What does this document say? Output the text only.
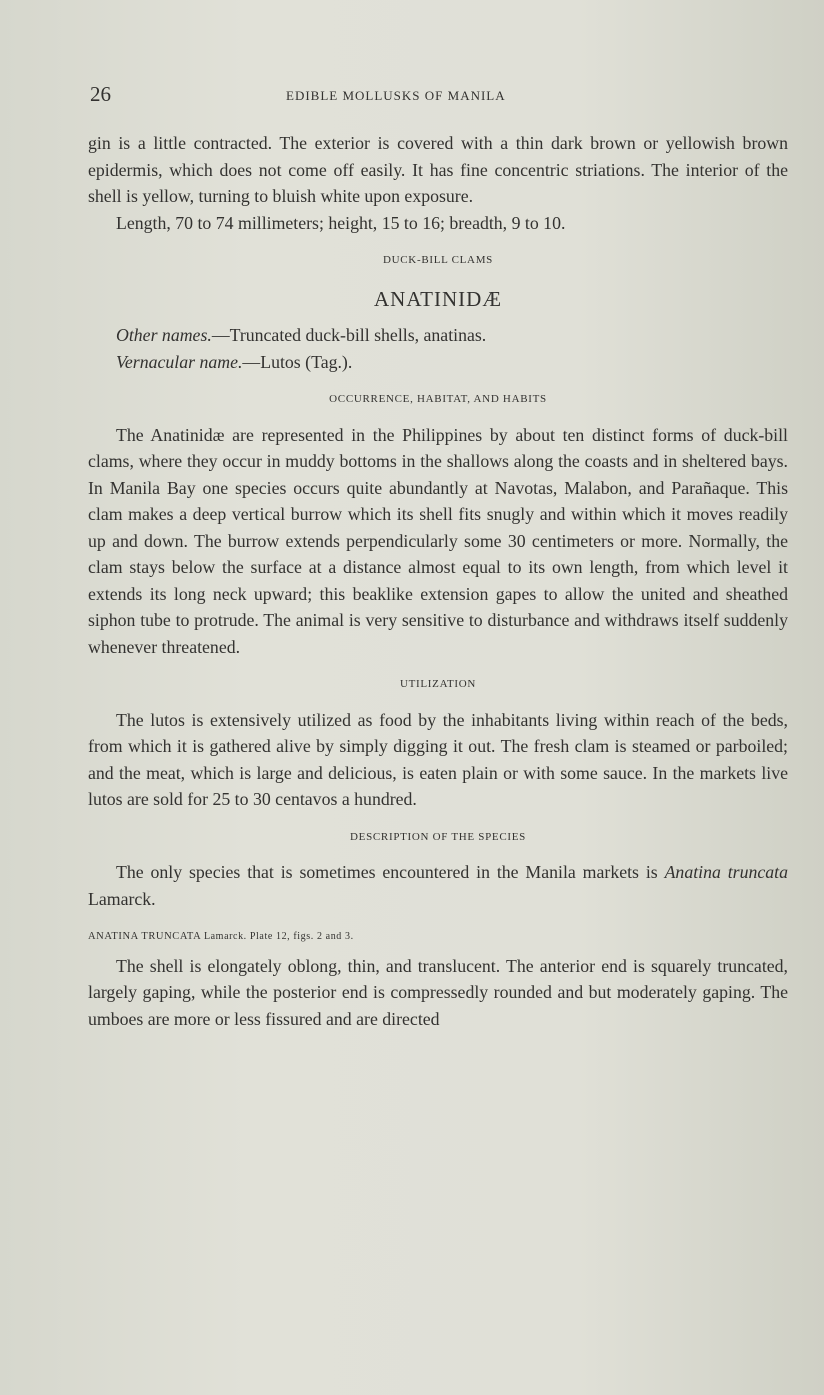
26	EDIBLE MOLLUSKS OF MANILA

gin is a little contracted. The exterior is covered with a thin dark brown or yellowish brown epidermis, which does not come off easily. It has fine concentric striations. The interior of the shell is yellow, turning to bluish white upon exposure.

Length, 70 to 74 millimeters; height, 15 to 16; breadth, 9 to 10.

DUCK-BILL CLAMS
ANATINIDÆ

Other names.—Truncated duck-bill shells, anatinas.

Vernacular name.—Lutos (Tag.).

OCCURRENCE, HABITAT, AND HABITS

The Anatinidæ are represented in the Philippines by about ten distinct forms of duck-bill clams, where they occur in muddy bottoms in the shallows along the coasts and in sheltered bays. In Manila Bay one species occurs quite abundantly at Navotas, Malabon, and Parañaque. This clam makes a deep vertical burrow which its shell fits snugly and within which it moves readily up and down. The burrow extends perpendicularly some 30 centimeters or more. Normally, the clam stays below the surface at a distance almost equal to its own length, from which level it extends its long neck upward; this beaklike extension gapes to allow the united and sheathed siphon tube to protrude. The animal is very sensitive to disturbance and withdraws itself suddenly whenever threatened.

UTILIZATION

The lutos is extensively utilized as food by the inhabitants living within reach of the beds, from which it is gathered alive by simply digging it out. The fresh clam is steamed or parboiled; and the meat, which is large and delicious, is eaten plain or with some sauce. In the markets live lutos are sold for 25 to 30 centavos a hundred.

DESCRIPTION OF THE SPECIES

The only species that is sometimes encountered in the Manila markets is Anatina truncata Lamarck.

ANATINA TRUNCATA Lamarck. Plate 12, figs. 2 and 3.

The shell is elongately oblong, thin, and translucent. The anterior end is squarely truncated, largely gaping, while the posterior end is compressedly rounded and but moderately gaping. The umboes are more or less fissured and are directed
